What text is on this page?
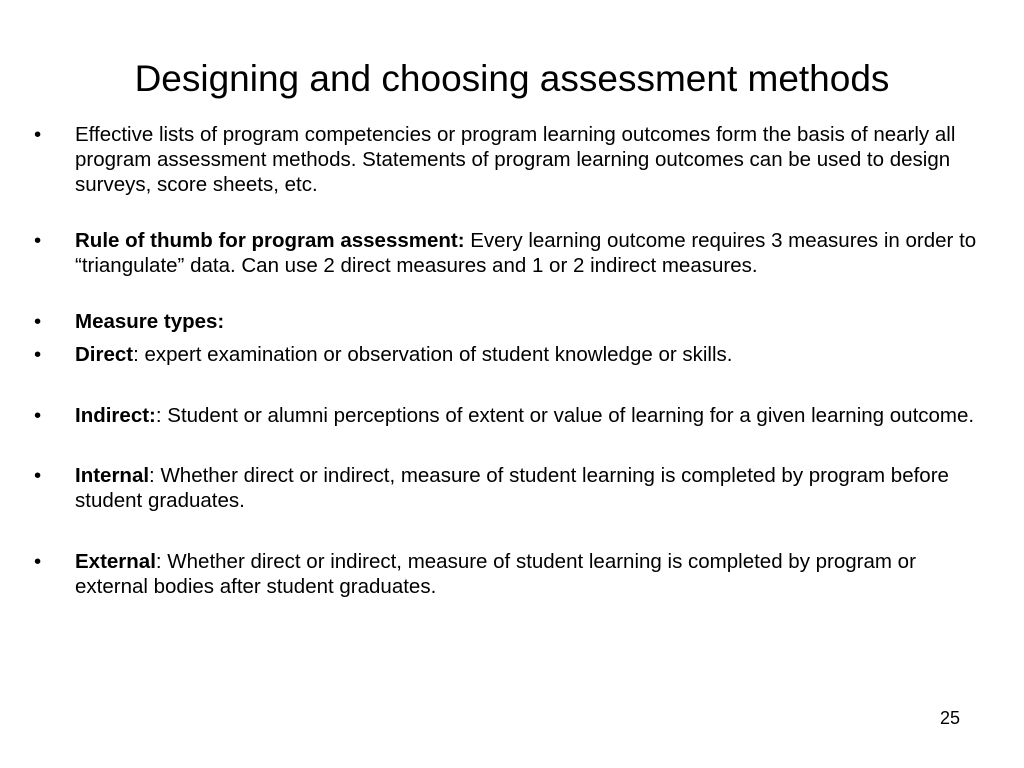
Designing and choosing assessment methods
• Effective lists of program competencies or program learning outcomes form the basis of nearly all program assessment methods. Statements of program learning outcomes can be used to design surveys, score sheets, etc.
• Rule of thumb for program assessment: Every learning outcome requires 3 measures in order to “triangulate” data. Can use 2 direct measures and 1 or 2 indirect measures.
• Measure types:
• Direct: expert examination or observation of student knowledge or skills.
• Indirect:: Student or alumni perceptions of extent or value of learning for a given learning outcome.
• Internal: Whether direct or indirect, measure of student learning is completed by program before student graduates.
• External: Whether direct or indirect, measure of student learning is completed by program or external bodies after student graduates.
25
